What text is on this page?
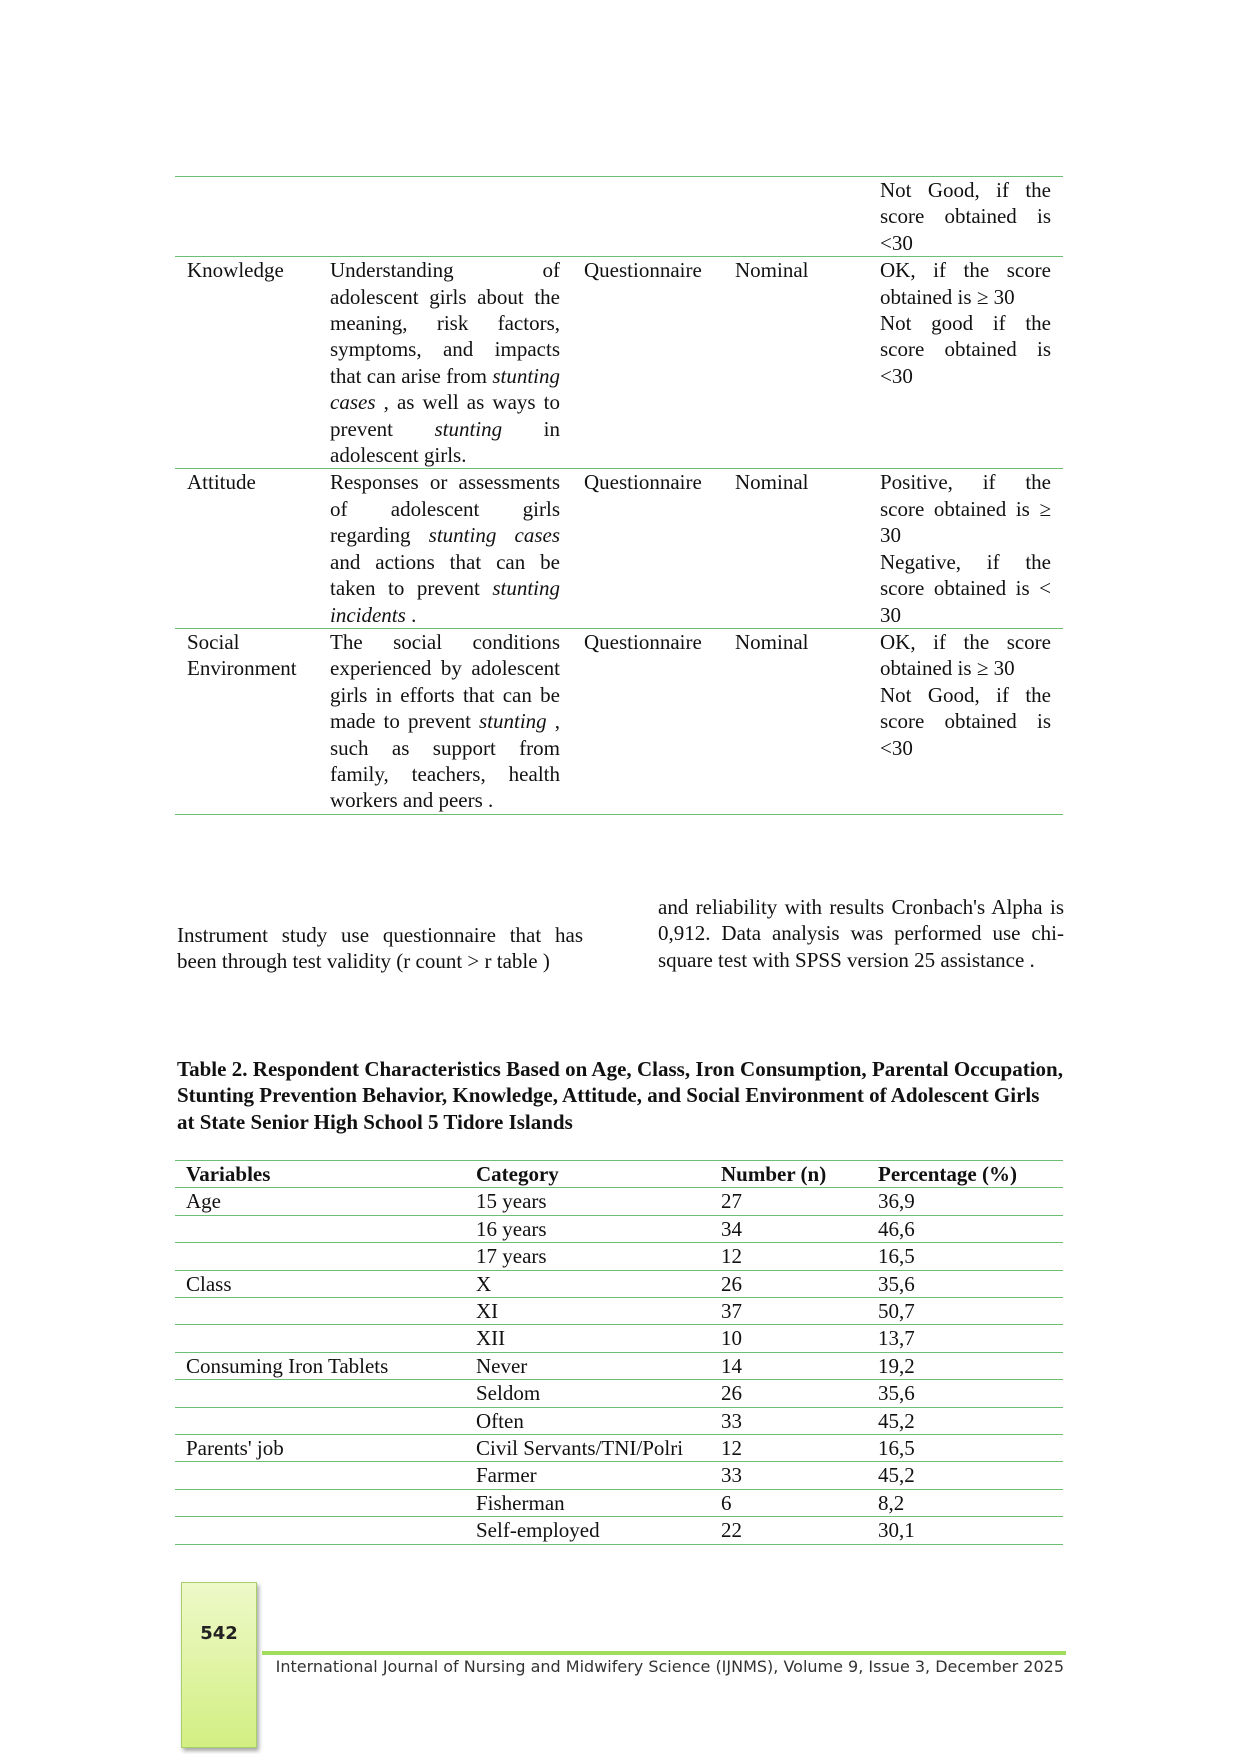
				Not Good, if the score obtained is <30

Knowledge	Understanding of adolescent girls about the meaning, risk factors, symptoms, and impacts that can arise from stunting cases , as well as ways to prevent stunting in adolescent girls.	Questionnaire	Nominal	OK, if the score obtained is ≥ 30
Not good if the score obtained is <30

Attitude	Responses or assessments of adolescent girls regarding stunting cases and actions that can be taken to prevent stunting incidents .	Questionnaire	Nominal	Positive, if the score obtained is ≥ 30
Negative, if the score obtained is < 30

Social Environment	The social conditions experienced by adolescent girls in efforts that can be made to prevent stunting , such as support from family, teachers, health workers and peers .	Questionnaire	Nominal	OK, if the score obtained is ≥ 30
Not Good, if the score obtained is <30
Instrument study use questionnaire that has been through test validity (r count > r table )
and reliability with results Cronbach's Alpha is 0,912. Data analysis was performed use chi-square test with SPSS version 25 assistance .
Table 2. Respondent Characteristics Based on Age, Class, Iron Consumption, Parental Occupation, Stunting Prevention Behavior, Knowledge, Attitude, and Social Environment of Adolescent Girls
at State Senior High School 5 Tidore Islands
Variables	Category	Number (n)	Percentage (%)
Age	15 years	27	36,9
	16 years	34	46,6
	17 years	12	16,5
Class	X	26	35,6
	XI	37	50,7
	XII	10	13,7
Consuming Iron Tablets	Never	14	19,2
	Seldom	26	35,6
	Often	33	45,2
Parents' job	Civil Servants/TNI/Polri	12	16,5
	Farmer	33	45,2
	Fisherman	6	8,2
	Self-employed	22	30,1
542
International Journal of Nursing and Midwifery Science (IJNMS), Volume 9, Issue 3, December 2025
